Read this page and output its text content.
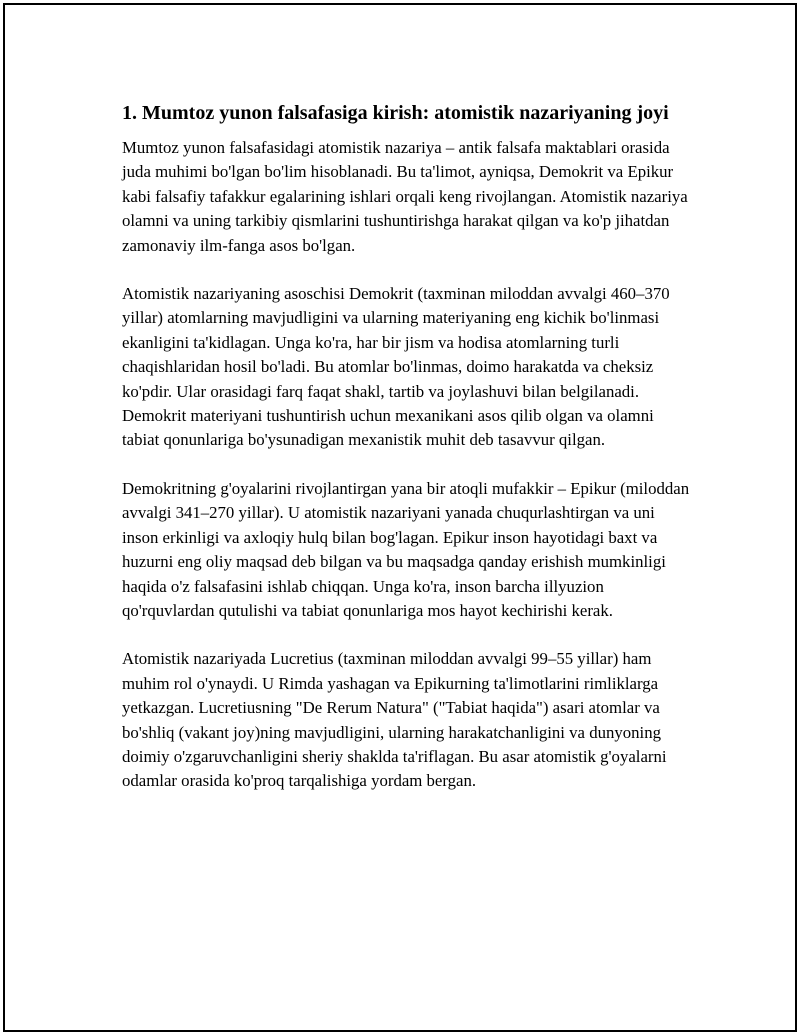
1. Mumtoz yunon falsafasiga kirish: atomistik nazariyaning joyi

Mumtoz yunon falsafasidagi atomistik nazariya – antik falsafa maktablari orasida juda muhimi bo'lgan bo'lim hisoblanadi. Bu ta'limot, ayniqsa, Demokrit va Epikur kabi falsafiy tafakkur egalarining ishlari orqali keng rivojlangan. Atomistik nazariya olamni va uning tarkibiy qismlarini tushuntirishga harakat qilgan va ko'p jihatdan zamonaviy ilm-fanga asos bo'lgan.

Atomistik nazariyaning asoschisi Demokrit (taxminan miloddan avvalgi 460–370 yillar) atomlarning mavjudligini va ularning materiyaning eng kichik bo'linmasi ekanligini ta'kidlagan. Unga ko'ra, har bir jism va hodisa atomlarning turli chaqishlaridan hosil bo'ladi. Bu atomlar bo'linmas, doimo harakatda va cheksiz ko'pdir. Ular orasidagi farq faqat shakl, tartib va joylashuvi bilan belgilanadi. Demokrit materiyani tushuntirish uchun mexanikani asos qilib olgan va olamni tabiat qonunlariga bo'ysunadigan mexanistik muhit deb tasavvur qilgan.

Demokritning g'oyalarini rivojlantirgan yana bir atoqli mufakkir – Epikur (miloddan avvalgi 341–270 yillar). U atomistik nazariyani yanada chuqurlashtirgan va uni inson erkinligi va axloqiy hulq bilan bog'lagan. Epikur inson hayotidagi baxt va huzurni eng oliy maqsad deb bilgan va bu maqsadga qanday erishish mumkinligi haqida o'z falsafasini ishlab chiqqan. Unga ko'ra, inson barcha illyuzion qo'rquvlardan qutulishi va tabiat qonunlariga mos hayot kechirishi kerak.

Atomistik nazariyada Lucretius (taxminan miloddan avvalgi 99–55 yillar) ham muhim rol o'ynaydi. U Rimda yashagan va Epikurning ta'limotlarini rimliklarga yetkazgan. Lucretiusning "De Rerum Natura" ("Tabiat haqida") asari atomlar va bo'shliq (vakant joy)ning mavjudligini, ularning harakatchanligini va dunyoning doimiy o'zgaruvchanligini sheriy shaklda ta'riflagan. Bu asar atomistik g'oyalarni odamlar orasida ko'proq tarqalishiga yordam bergan.
